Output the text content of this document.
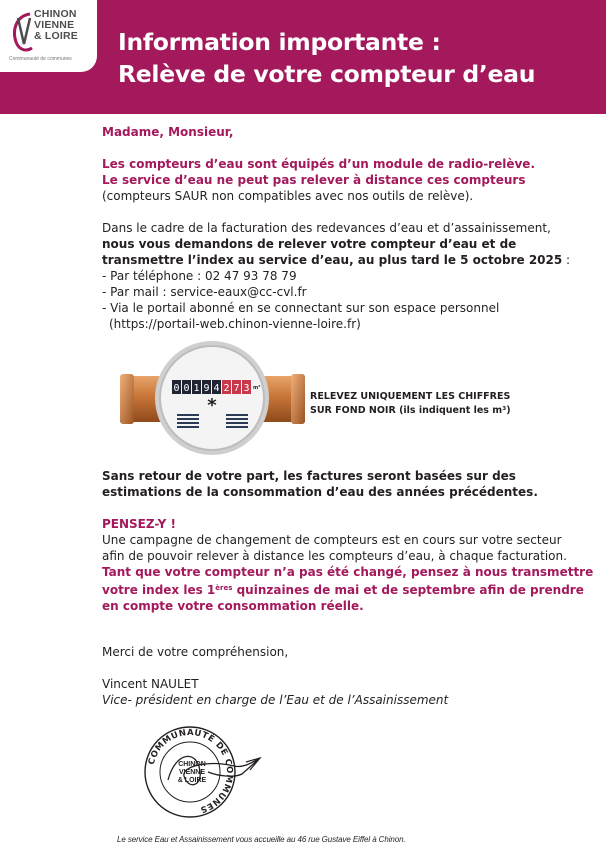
CHINON
VIENNE
& LOIRE
Communauté de communes
Information importante :
Relève de votre compteur d’eau

Madame, Monsieur,

Les compteurs d’eau sont équipés d’un module de radio-relève.

Le service d’eau ne peut pas relever à distance ces compteurs

(compteurs SAUR non compatibles avec nos outils de relève).

Dans le cadre de la facturation des redevances d’eau et d’assainissement,

nous vous demandons de relever votre compteur d’eau et de

transmettre l’index au service d’eau, au plus tard le 5 octobre 2025 :

- Par téléphone : 02 47 93 78 79

- Par mail : service-eaux@cc-cvl.fr

- Via le portail abonné en se connectant sur son espace personnel

(https://portail-web.chinon-vienne-loire.fr)

0 0 1 9 4 2 7 3 m³
*	RELEVEZ UNIQUEMENT LES CHIFFRES
SUR FOND NOIR (ils indiquent les m³)
Sans retour de votre part, les factures seront basées sur des
estimations de la consommation d’eau des années précédentes.
PENSEZ-Y !
Une campagne de changement de compteurs est en cours sur votre secteur
afin de pouvoir relever à distance les compteurs d’eau, à chaque facturation.
Tant que votre compteur n’a pas été changé, pensez à nous transmettre
votre index les 1ères quinzaines de mai et de septembre afin de prendre
en compte votre consommation réelle.
Merci de votre compréhension,
Vincent NAULET
Vice- président en charge de l’Eau et de l’Assainissement
COMMUNAUTÉ DE COMMUNES
CHINON
VIENNE
& LOIRE
Le service Eau et Assainissement vous accueille au 46 rue Gustave Eiffel à Chinon.
